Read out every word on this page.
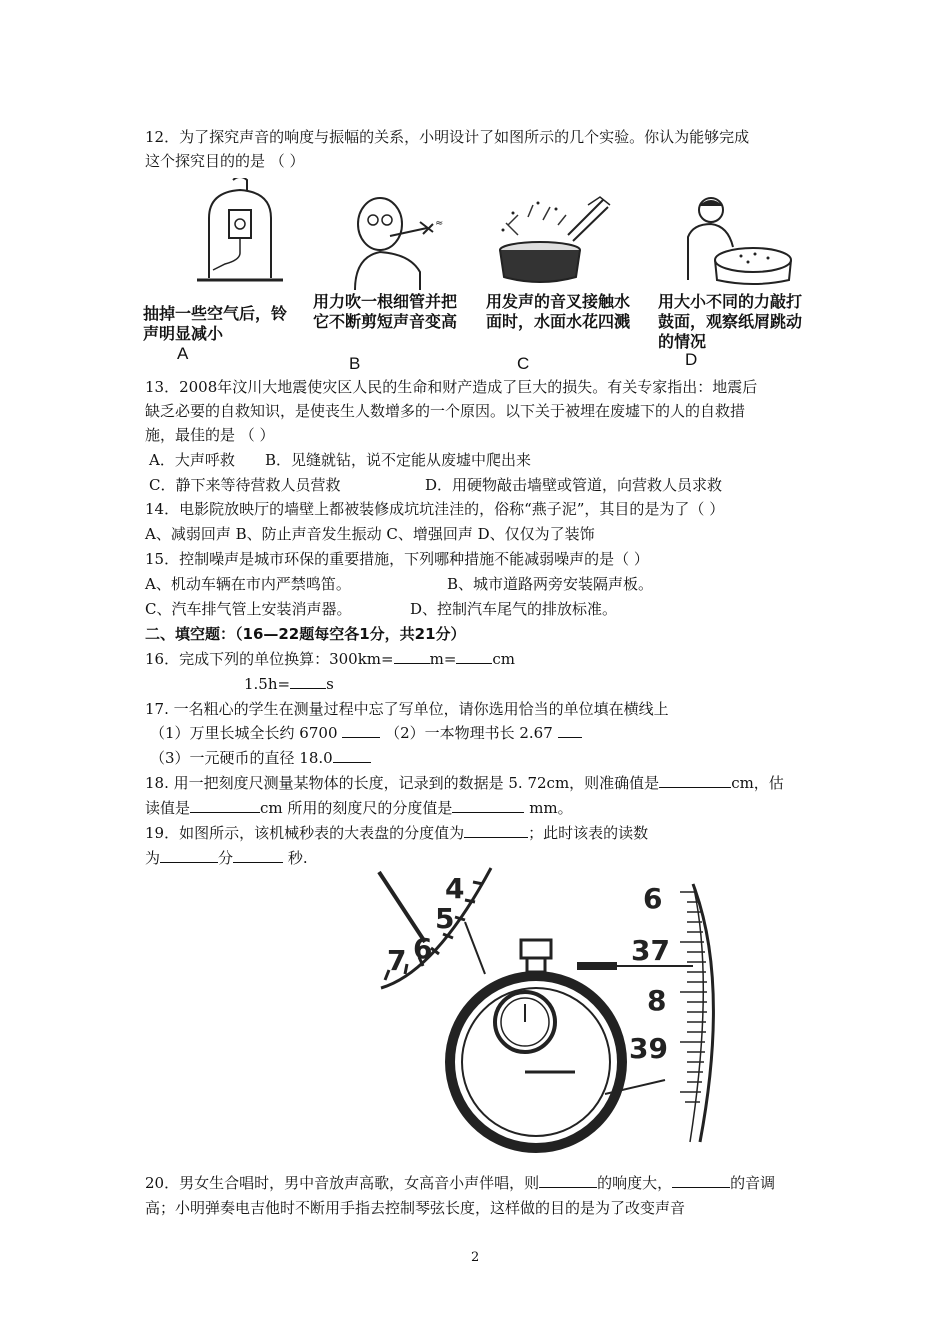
12．为了探究声音的响度与振幅的关系，小明设计了如图所示的几个实验。你认为能够完成
这个探究目的的是 （ ）
抽掉一些空气后，铃声明显减小
A
≈
用力吹一根细管并把它不断剪短声音变高
B
用发声的音叉接触水面时，水面水花四溅
C
用大小不同的力敲打鼓面，观察纸屑跳动的情况
D
13．2008年汶川大地震使灾区人民的生命和财产造成了巨大的损失。有关专家指出：地震后
缺乏必要的自救知识，是使丧生人数增多的一个原因。以下关于被埋在废墟下的人的自救措
施，最佳的是 （ ）
A．大声呼救 B．见缝就钻，说不定能从废墟中爬出来
C．静下来等待营救人员营救	D．用硬物敲击墙壁或管道，向营救人员求救
14．电影院放映厅的墙壁上都被装修成坑坑洼洼的，俗称“燕子泥”，其目的是为了（ ）
A、减弱回声 B、防止声音发生振动 C、增强回声 D、仅仅为了装饰
15．控制噪声是城市环保的重要措施，下列哪种措施不能减弱噪声的是（ ）
A、机动车辆在市内严禁鸣笛。	B、城市道路两旁安装隔声板。
C、汽车排气管上安装消声器。	D、控制汽车尾气的排放标准。
二、填空题：（16—22题每空各1分，共21分）
16．完成下列的单位换算：300km= m= cm
1.5h= s
17. 一名粗心的学生在测量过程中忘了写单位，请你选用恰当的单位填在横线上
（1）万里长城全长约 6700	（2）一本物理书长 2.67
（3）一元硬币的直径 18.0
18. 用一把刻度尺测量某物体的长度，记录到的数据是 5. 72cm，则准确值是	cm，估
读值是	cm 所用的刻度尺的分度值是	mm。
19．如图所示，该机械秒表的大表盘的分度值为	；此时该表的读数
为	分	秒.
4
5
6
7
6
37
8
39
20．男女生合唱时，男中音放声高歌，女高音小声伴唱，则	的响度大，	的音调
高；小明弹奏电吉他时不断用手指去控制琴弦长度，这样做的目的是为了改变声音
2
